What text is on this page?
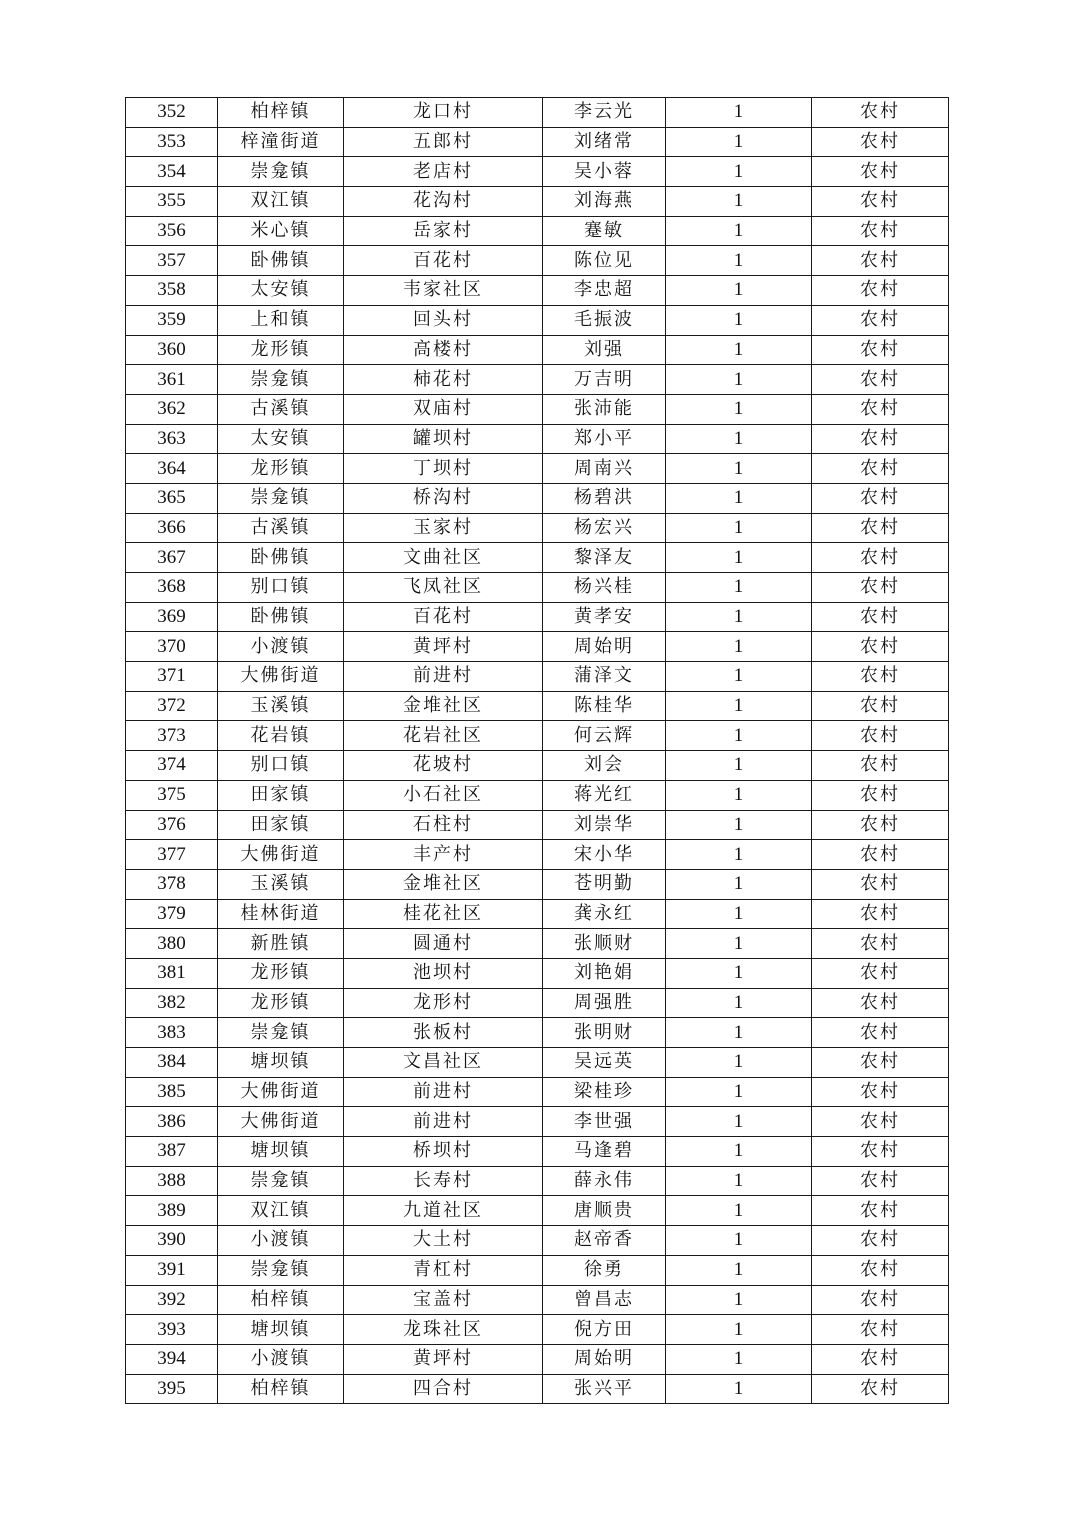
352	柏梓镇	龙口村	李云光	1	农村
353	梓潼街道	五郎村	刘绪常	1	农村
354	崇龛镇	老店村	吴小蓉	1	农村
355	双江镇	花沟村	刘海燕	1	农村
356	米心镇	岳家村	蹇敏	1	农村
357	卧佛镇	百花村	陈位见	1	农村
358	太安镇	韦家社区	李忠超	1	农村
359	上和镇	回头村	毛振波	1	农村
360	龙形镇	高楼村	刘强	1	农村
361	崇龛镇	柿花村	万吉明	1	农村
362	古溪镇	双庙村	张沛能	1	农村
363	太安镇	罐坝村	郑小平	1	农村
364	龙形镇	丁坝村	周南兴	1	农村
365	崇龛镇	桥沟村	杨碧洪	1	农村
366	古溪镇	玉家村	杨宏兴	1	农村
367	卧佛镇	文曲社区	黎泽友	1	农村
368	别口镇	飞凤社区	杨兴桂	1	农村
369	卧佛镇	百花村	黄孝安	1	农村
370	小渡镇	黄坪村	周始明	1	农村
371	大佛街道	前进村	蒲泽文	1	农村
372	玉溪镇	金堆社区	陈桂华	1	农村
373	花岩镇	花岩社区	何云辉	1	农村
374	别口镇	花坡村	刘会	1	农村
375	田家镇	小石社区	蒋光红	1	农村
376	田家镇	石柱村	刘崇华	1	农村
377	大佛街道	丰产村	宋小华	1	农村
378	玉溪镇	金堆社区	苍明勤	1	农村
379	桂林街道	桂花社区	龚永红	1	农村
380	新胜镇	圆通村	张顺财	1	农村
381	龙形镇	池坝村	刘艳娟	1	农村
382	龙形镇	龙形村	周强胜	1	农村
383	崇龛镇	张板村	张明财	1	农村
384	塘坝镇	文昌社区	吴远英	1	农村
385	大佛街道	前进村	梁桂珍	1	农村
386	大佛街道	前进村	李世强	1	农村
387	塘坝镇	桥坝村	马逢碧	1	农村
388	崇龛镇	长寿村	薛永伟	1	农村
389	双江镇	九道社区	唐顺贵	1	农村
390	小渡镇	大土村	赵帝香	1	农村
391	崇龛镇	青杠村	徐勇	1	农村
392	柏梓镇	宝盖村	曾昌志	1	农村
393	塘坝镇	龙珠社区	倪方田	1	农村
394	小渡镇	黄坪村	周始明	1	农村
395	柏梓镇	四合村	张兴平	1	农村
